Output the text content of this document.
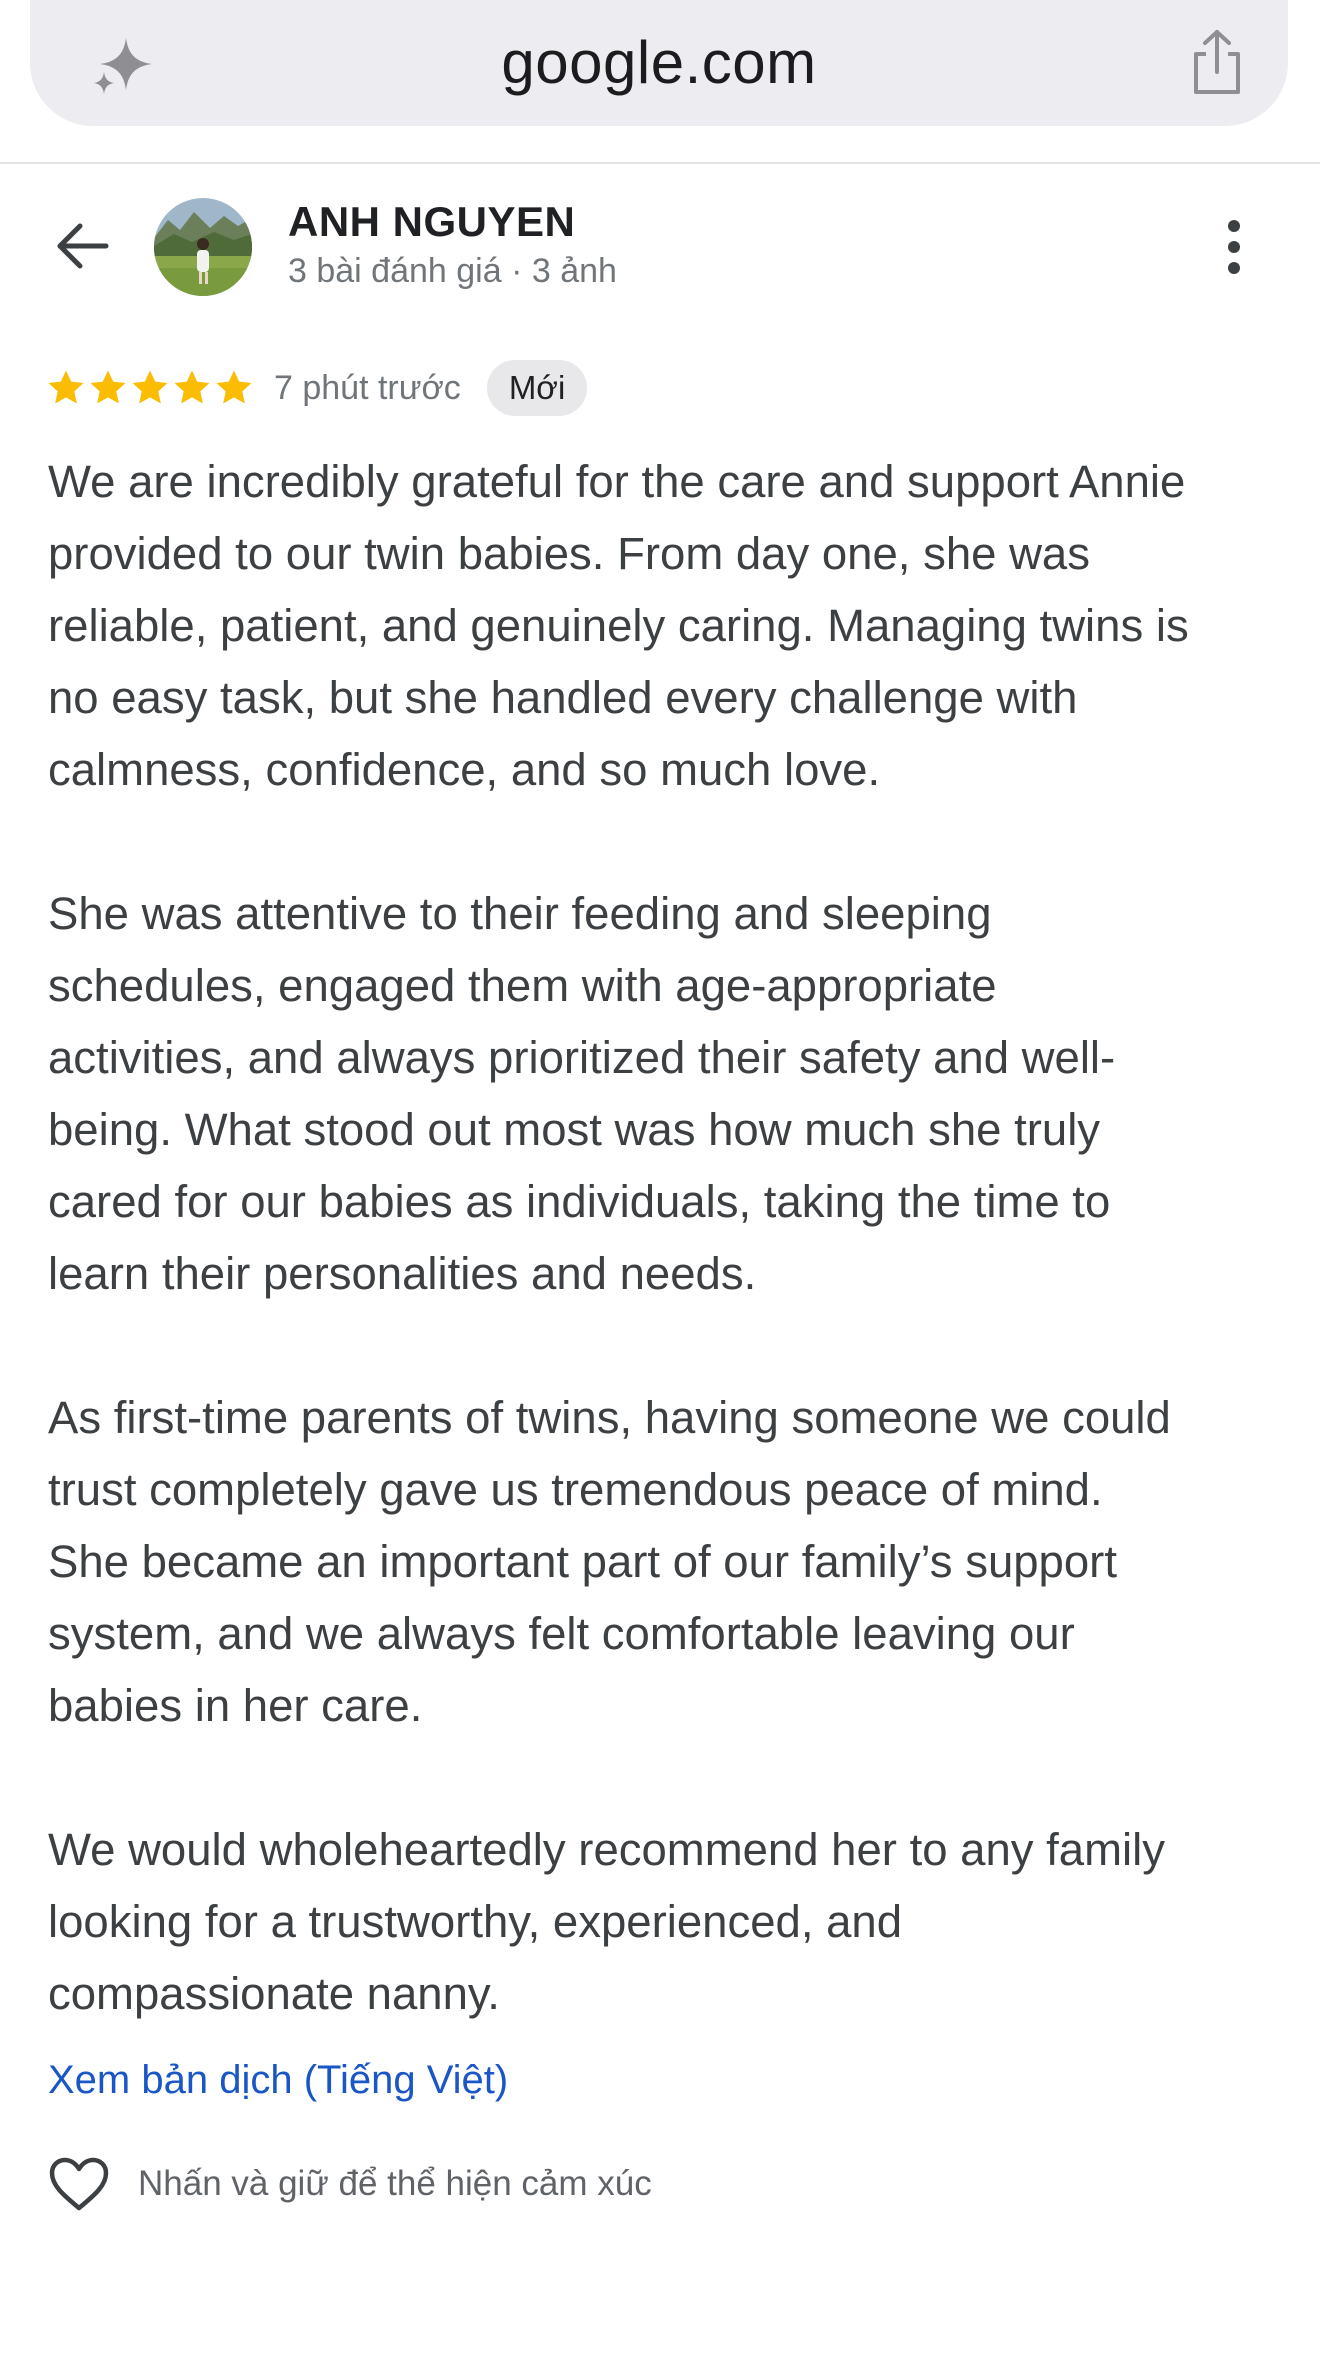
google.com
ANH NGUYEN
3 bài đánh giá · 3 ảnh
7 phút trước	Mới

We are incredibly grateful for the care and support Annie
provided to our twin babies. From day one, she was
reliable, patient, and genuinely caring. Managing twins is
no easy task, but she handled every challenge with
calmness, confidence, and so much love.

She was attentive to their feeding and sleeping
schedules, engaged them with age-appropriate
activities, and always prioritized their safety and well-
being. What stood out most was how much she truly
cared for our babies as individuals, taking the time to
learn their personalities and needs.

As first-time parents of twins, having someone we could
trust completely gave us tremendous peace of mind.
She became an important part of our family’s support
system, and we always felt comfortable leaving our
babies in her care.

We would wholeheartedly recommend her to any family
looking for a trustworthy, experienced, and
compassionate nanny.

Xem bản dịch (Tiếng Việt)
Nhấn và giữ để thể hiện cảm xúc
